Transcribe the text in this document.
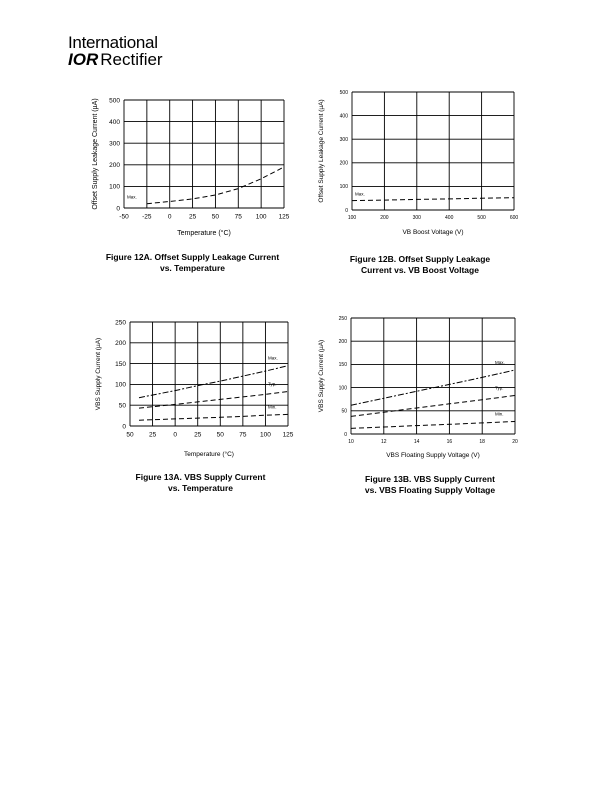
International
IOR Rectifier
-50 -25	0	25 50 75 100 125
0
100
200
300
400
500
Temperature (°C)
Offset Supply Leakage Current (µA)	Max.
100	200	300	400	500	600
0
100
200
300
400
500
VB Boost Voltage (V)
Offset Supply Leakage Current (µA)	Max.
50 25	0	25 50 75 100 125
0
50
100
150
200
250
Temperature (°C)
VBS Supply Current (µA)	Max.
Typ.
Min.
10	12	14	16	18	20
0
50
100
150
200
250
VBS Floating Supply Voltage (V)
VBS Supply Current (µA)	Max.
Typ.
Min.
Figure 12A. Offset Supply Leakage Current
vs. Temperature
Figure 12B. Offset Supply Leakage
Current vs. VB Boost Voltage
Figure 13A. VBS Supply Current
vs. Temperature
Figure 13B. VBS Supply Current
vs. VBS Floating Supply Voltage
